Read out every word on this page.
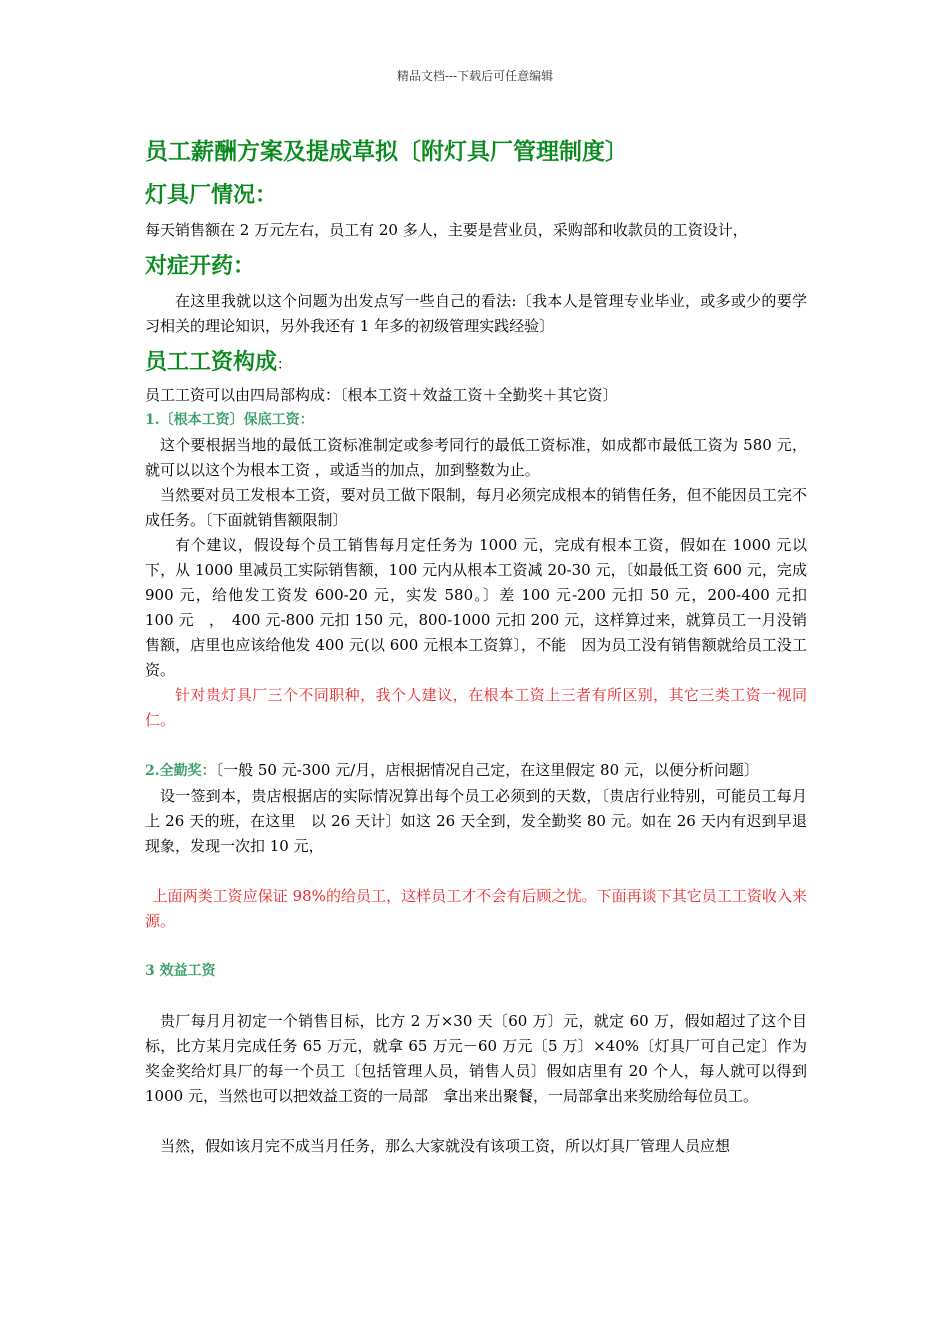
精品文档---下载后可任意编辑
员工薪酬方案及提成草拟〔附灯具厂管理制度〕
灯具厂情况：

每天销售额在 2 万元左右，员工有 20 多人，主要是营业员，采购部和收款员的工资设计，

对症开药：

在这里我就以这个问题为出发点写一些自己的看法:〔我本人是管理专业毕业，或多或少的要学习相关的理论知识，另外我还有 1 年多的初级管理实践经验〕

员工工资构成：

员工工资可以由四局部构成：〔根本工资＋效益工资＋全勤奖＋其它资〕

1.〔根本工资〕保底工资：

这个要根据当地的最低工资标准制定或参考同行的最低工资标准，如成都市最低工资为 580 元，就可以以这个为根本工资 ，或适当的加点，加到整数为止。

当然要对员工发根本工资，要对员工做下限制，每月必须完成根本的销售任务，但不能因员工完不成任务。〔下面就销售额限制〕

有个建议，假设每个员工销售每月定任务为 1000 元，完成有根本工资，假如在 1000 元以下，从 1000 里减员工实际销售额，100 元内从根本工资减 20-30 元，〔如最低工资 600 元，完成 900 元，给他发工资发 600-20 元，实发 580。〕差 100 元-200 元扣 50 元，200-400 元扣　100 元　，　400 元-800 元扣 150 元，800-1000 元扣 200 元，这样算过来，就算员工一月没销售额，店里也应该给他发 400 元(以 600 元根本工资算〕，不能　因为员工没有销售额就给员工没工资。

针对贵灯具厂三个不同职种，我个人建议，在根本工资上三者有所区别，其它三类工资一视同仁。

2.全勤奖：〔一般 50 元-300 元/月，店根据情况自己定，在这里假定 80 元，以便分析问题〕

设一签到本，贵店根据店的实际情况算出每个员工必须到的天数，〔贵店行业特别，可能员工每月上 26 天的班，在这里　以 26 天计〕如这 26 天全到，发全勤奖 80 元。如在 26 天内有迟到早退现象，发现一次扣 10 元，

上面两类工资应保证 98%的给员工，这样员工才不会有后顾之忧。下面再谈下其它员工工资收入来源。

3 效益工资

贵厂每月月初定一个销售目标，比方 2 万×30 天〔60 万〕元，就定 60 万，假如超过了这个目标，比方某月完成任务 65 万元，就拿 65 万元－60 万元〔5 万〕×40%〔灯具厂可自己定〕作为奖金奖给灯具厂的每一个员工〔包括管理人员，销售人员〕假如店里有 20 个人，每人就可以得到 1000 元，当然也可以把效益工资的一局部　拿出来出聚餐，一局部拿出来奖励给每位员工。

当然，假如该月完不成当月任务，那么大家就没有该项工资，所以灯具厂管理人员应想
